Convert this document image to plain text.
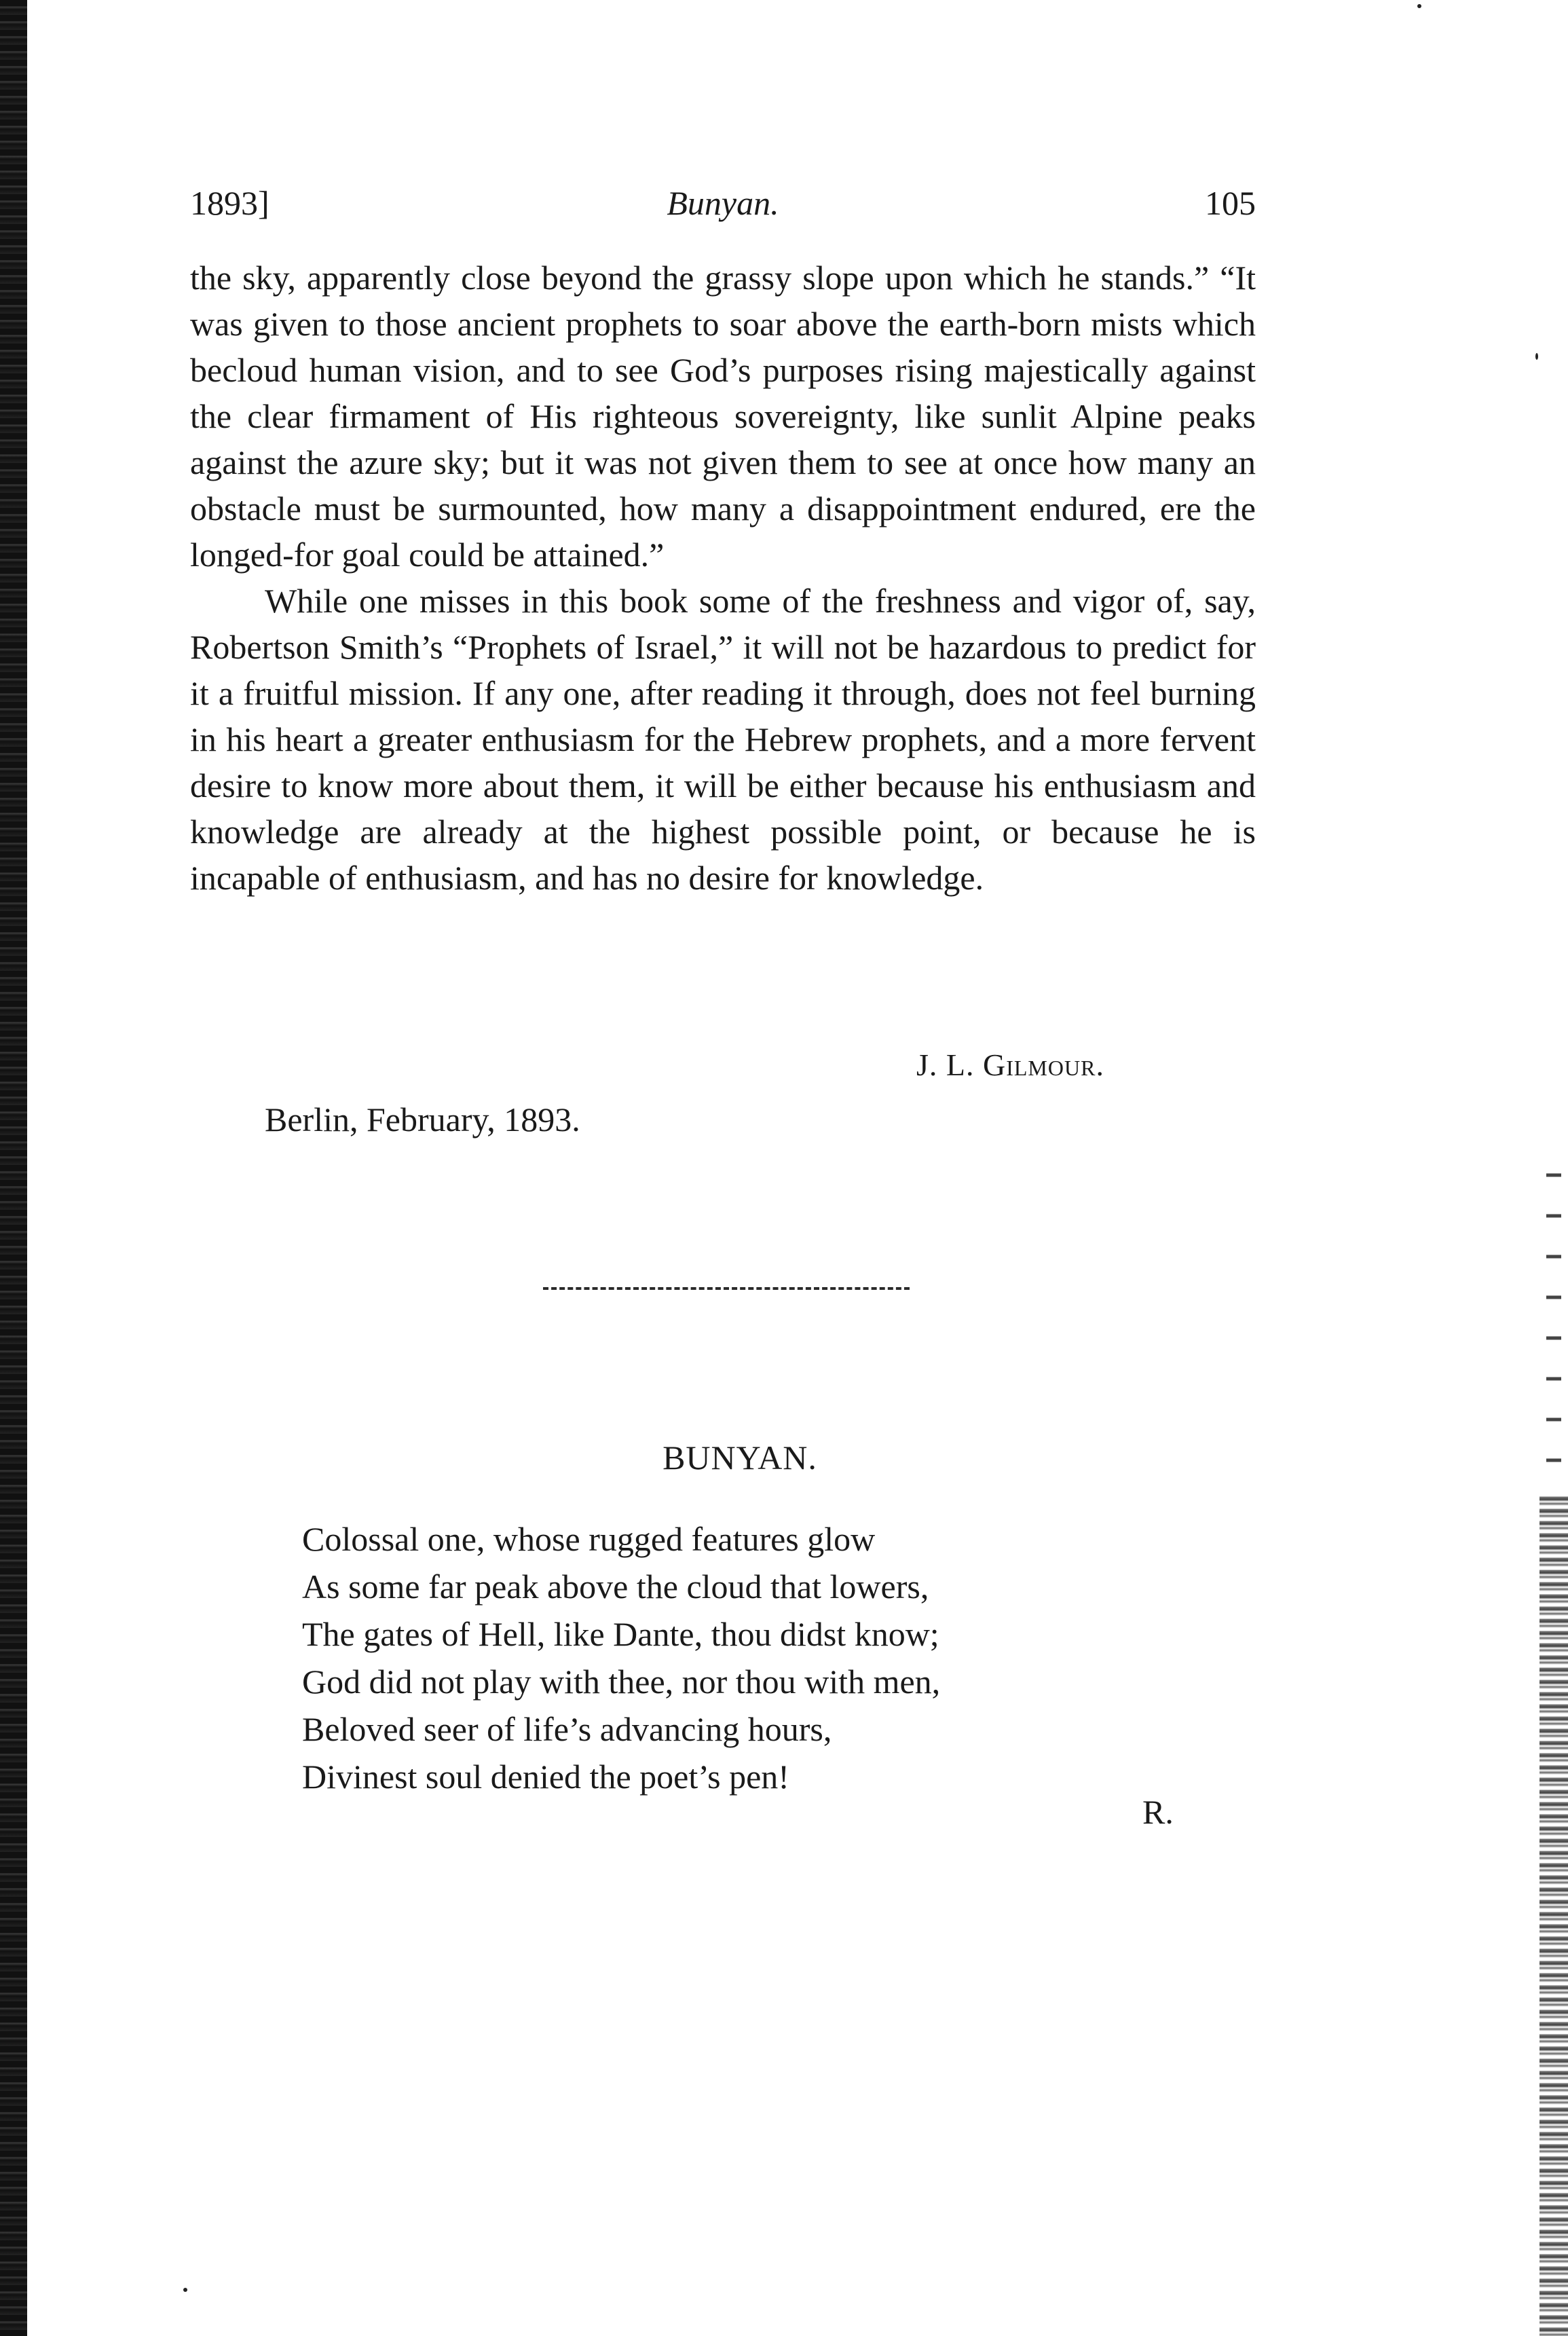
1893]	Bunyan.	105

the sky, apparently close beyond the grassy slope upon which he stands.” “It was given to those ancient prophets to soar above the earth-born mists which becloud human vision, and to see God’s purposes rising majestically against the clear firmament of His righteous sovereignty, like sunlit Alpine peaks against the azure sky; but it was not given them to see at once how many an obstacle must be surmounted, how many a disappointment endured, ere the longed-for goal could be attained.”

While one misses in this book some of the freshness and vigor of, say, Robertson Smith’s “Prophets of Israel,” it will not be hazardous to predict for it a fruitful mission. If any one, after reading it through, does not feel burning in his heart a greater enthusiasm for the Hebrew prophets, and a more fervent desire to know more about them, it will be either because his enthusiasm and knowledge are already at the highest possible point, or because he is incapable of enthusiasm, and has no desire for knowledge.

J. L. Gilmour.
Berlin, February, 1893.
BUNYAN.
Colossal one, whose rugged features glow
As some far peak above the cloud that lowers,
The gates of Hell, like Dante, thou didst know;
God did not play with thee, nor thou with men,
Beloved seer of life’s advancing hours,
Divinest soul denied the poet’s pen!
R.
